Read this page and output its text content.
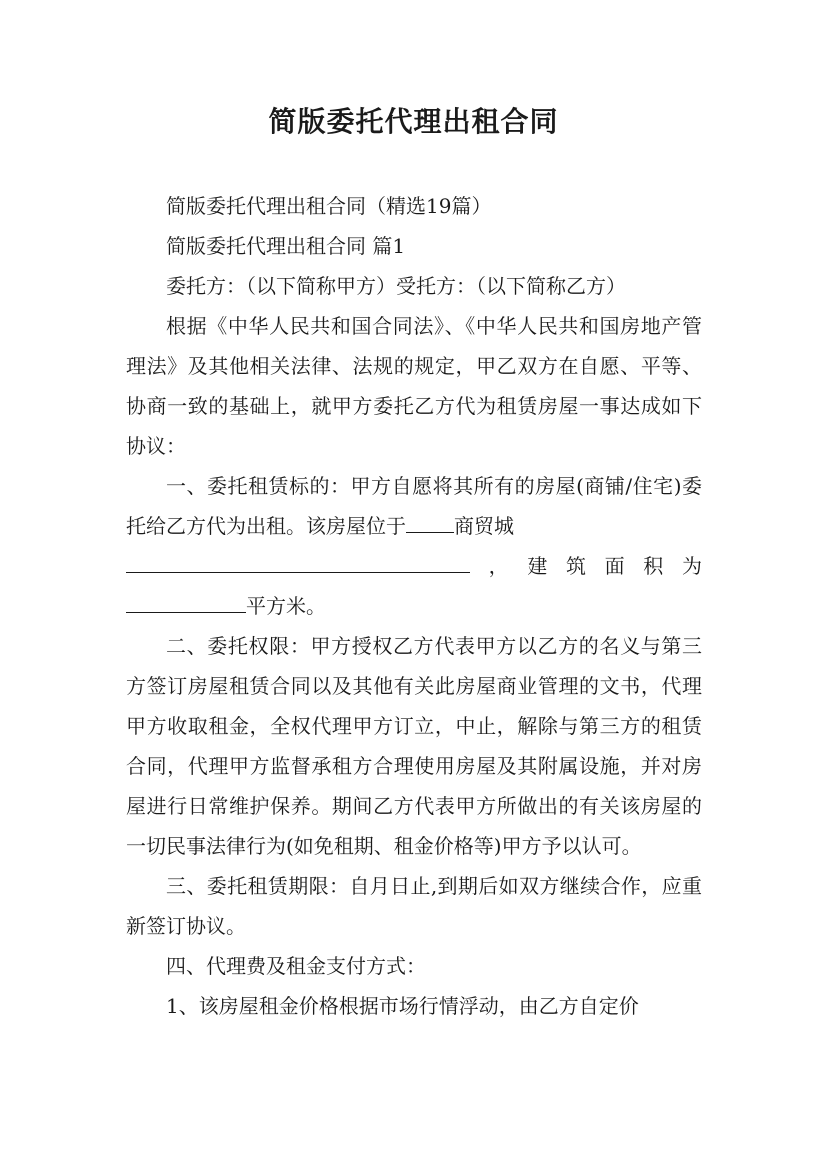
简版委托代理出租合同

简版委托代理出租合同（精选19篇）

简版委托代理出租合同 篇1

委托方：（以下简称甲方）受托方：（以下简称乙方）

根据《中华人民共和国合同法》、《中华人民共和国房地产管理法》及其他相关法律、法规的规定，甲乙双方在自愿、平等、协商一致的基础上，就甲方委托乙方代为租赁房屋一事达成如下协议：

一、委托租赁标的：甲方自愿将其所有的房屋(商铺/住宅)委托给乙方代为出租。该房屋位于 商贸城

， 建 筑 面 积 为
平方米。

二、委托权限：甲方授权乙方代表甲方以乙方的名义与第三方签订房屋租赁合同以及其他有关此房屋商业管理的文书，代理甲方收取租金，全权代理甲方订立，中止，解除与第三方的租赁合同，代理甲方监督承租方合理使用房屋及其附属设施，并对房屋进行日常维护保养。期间乙方代表甲方所做出的有关该房屋的一切民事法律行为(如免租期、租金价格等)甲方予以认可。

三、委托租赁期限：自月日止,到期后如双方继续合作，应重新签订协议。

四、代理费及租金支付方式：

1、该房屋租金价格根据市场行情浮动，由乙方自定价
